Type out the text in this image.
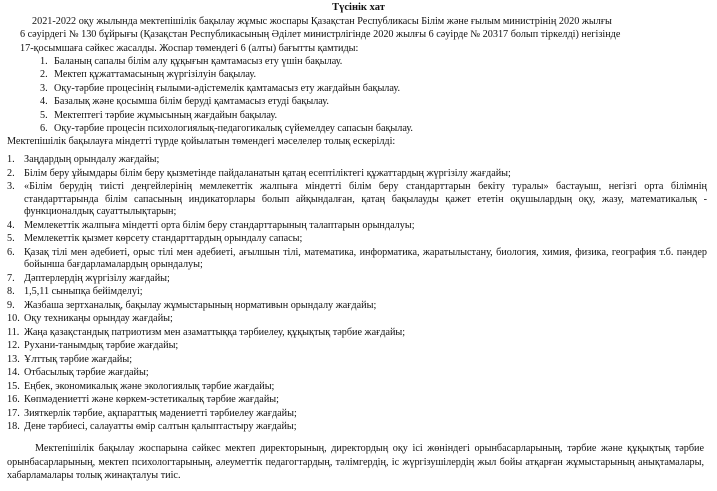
Түсінік хат

2021-2022 оқу жылында мектепішілік бақылау жұмыс жоспары Қазақстан Республикасы Білім және ғылым министрінің 2020 жылғы

6 сәуірдегі № 130 бұйрығы (Қазақстан Республикасының Әділет министрлігінде 2020 жылғы 6 сәуірде № 20317 болып тіркелді) негізінде

17-қосымшаға сәйкес жасалды. Жоспар төмендегі 6 (алты) бағытты қамтиды:

1. Баланың сапалы білім алу құқығын қамтамасыз ету үшін бақылау.
2. Мектеп құжаттамасының жүргізілуін бақылау.
3. Оқу-тәрбие процесінің ғылыми-әдістемелік қамтамасыз ету жағдайын бақылау.
4. Базалық және қосымша білім беруді қамтамасыз етуді бақылау.
5. Мектептегі тәрбие жұмысының жағдайын бақылау.
6. Оқу-тәрбие процесін психологиялық-педагогикалық сүйемелдеу сапасын бақылау.
Мектепішілік бақылауға міндетті түрде қойылатын төмендегі мәселелер толық ескерілді:
1. Заңдардың орындалу жағдайы;
2. Білім беру ұйымдары білім беру қызметінде пайдаланатын қатаң есептіліктегі құжаттардың жүргізілу жағдайы;
3. «Білім берудің тиісті деңгейлерінің мемлекеттік жалпыға міндетті білім беру стандарттарын бекіту туралы» бастауыш, негізгі орта білімнің стандарттарында білім сапасының индикаторлары болып айқындалған, қатаң бақылауды қажет ететін оқушылардың оқу, жазу, математикалық - функционалдық сауаттылықтарын;
4. Мемлекеттік жалпыға міндетті орта білім беру стандарттарының талаптарын орындалуы;
5. Мемлекеттік қызмет көрсету стандарттардың орындалу сапасы;
6. Қазақ тілі мен әдебиеті, орыс тілі мен әдебиеті, ағылшын тілі, математика, информатика, жаратылыстану, биология, химия, физика, география т.б. пәндер бойынша бағдарламалардың орындалуы;
7. Дәптерлердің жүргізілу жағдайы;
8. 1,5,11 сыныпқа бейімделуі;
9. Жазбаша зертханалық, бақылау жұмыстарының нормативын орындалу жағдайы;
10. Оқу техникаңы орындау жағдайы;
11. Жаңа қазақстандық патриотизм мен азаматтыққа тәрбиелеу, құқықтық тәрбие жағдайы;
12. Рухани-танымдық тәрбие жағдайы;
13. Ұлттық тәрбие жағдайы;
14. Отбасылық тәрбие жағдайы;
15. Еңбек, экономикалық және экологиялық тәрбие жағдайы;
16. Көпмәдениетті және көркем-эстетикалық тәрбие жағдайы;
17. Зияткерлік тәрбие, ақпараттық мәдениетті тәрбиелеу жағдайы;
18. Дене тәрбиесі, салауатты өмір салтын қалыптастыру жағдайы;

Мектепішілік бақылау жоспарына сәйкес мектеп директорының, директордың оқу ісі жөніндегі орынбасарларының, тәрбие және құқықтық тәрбие орынбасарларының, мектеп психологтарының, әлеуметтік педагогтардың, тәлімгердің, іс жүргізушілердің жыл бойы атқарған жұмыстарының анықтамалары, хабарламалары толық жинақталуы тиіс.
